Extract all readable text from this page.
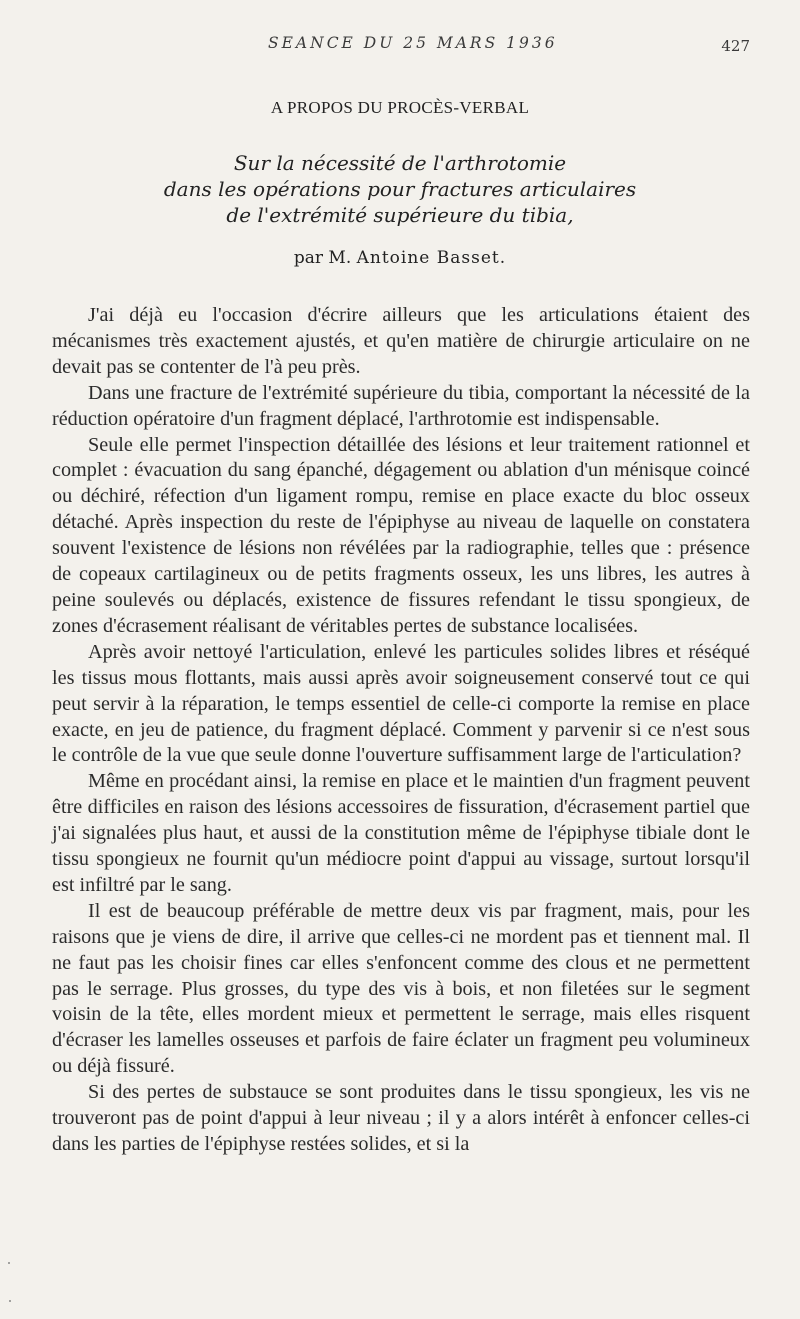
SEANCE DU 25 MARS 1936	427
A PROPOS DU PROCÈS-VERBAL
Sur la nécessité de l'arthrotomie
dans les opérations pour fractures articulaires
de l'extrémité supérieure du tibia,
par M. Antoine Basset.

J'ai déjà eu l'occasion d'écrire ailleurs que les articulations étaient des mécanismes très exactement ajustés, et qu'en matière de chirurgie articulaire on ne devait pas se contenter de l'à peu près.

Dans une fracture de l'extrémité supérieure du tibia, comportant la nécessité de la réduction opératoire d'un fragment déplacé, l'arthrotomie est indispensable.

Seule elle permet l'inspection détaillée des lésions et leur traitement rationnel et complet : évacuation du sang épanché, dégagement ou ablation d'un ménisque coincé ou déchiré, réfection d'un ligament rompu, remise en place exacte du bloc osseux détaché. Après inspection du reste de l'épiphyse au niveau de laquelle on constatera souvent l'existence de lésions non révélées par la radiographie, telles que : présence de copeaux cartilagineux ou de petits fragments osseux, les uns libres, les autres à peine soulevés ou déplacés, existence de fissures refendant le tissu spongieux, de zones d'écrasement réalisant de véritables pertes de substance localisées.

Après avoir nettoyé l'articulation, enlevé les particules solides libres et réséqué les tissus mous flottants, mais aussi après avoir soigneusement conservé tout ce qui peut servir à la réparation, le temps essentiel de celle-ci comporte la remise en place exacte, en jeu de patience, du fragment déplacé. Comment y parvenir si ce n'est sous le contrôle de la vue que seule donne l'ouverture suffisamment large de l'articulation?

Même en procédant ainsi, la remise en place et le maintien d'un fragment peuvent être difficiles en raison des lésions accessoires de fissuration, d'écrasement partiel que j'ai signalées plus haut, et aussi de la constitution même de l'épiphyse tibiale dont le tissu spongieux ne fournit qu'un médiocre point d'appui au vissage, surtout lorsqu'il est infiltré par le sang.

Il est de beaucoup préférable de mettre deux vis par fragment, mais, pour les raisons que je viens de dire, il arrive que celles-ci ne mordent pas et tiennent mal. Il ne faut pas les choisir fines car elles s'enfoncent comme des clous et ne permettent pas le serrage. Plus grosses, du type des vis à bois, et non filetées sur le segment voisin de la tête, elles mordent mieux et permettent le serrage, mais elles risquent d'écraser les lamelles osseuses et parfois de faire éclater un fragment peu volumineux ou déjà fissuré.

Si des pertes de substauce se sont produites dans le tissu spongieux, les vis ne trouveront pas de point d'appui à leur niveau ; il y a alors intérêt à enfoncer celles-ci dans les parties de l'épiphyse restées solides, et si la
